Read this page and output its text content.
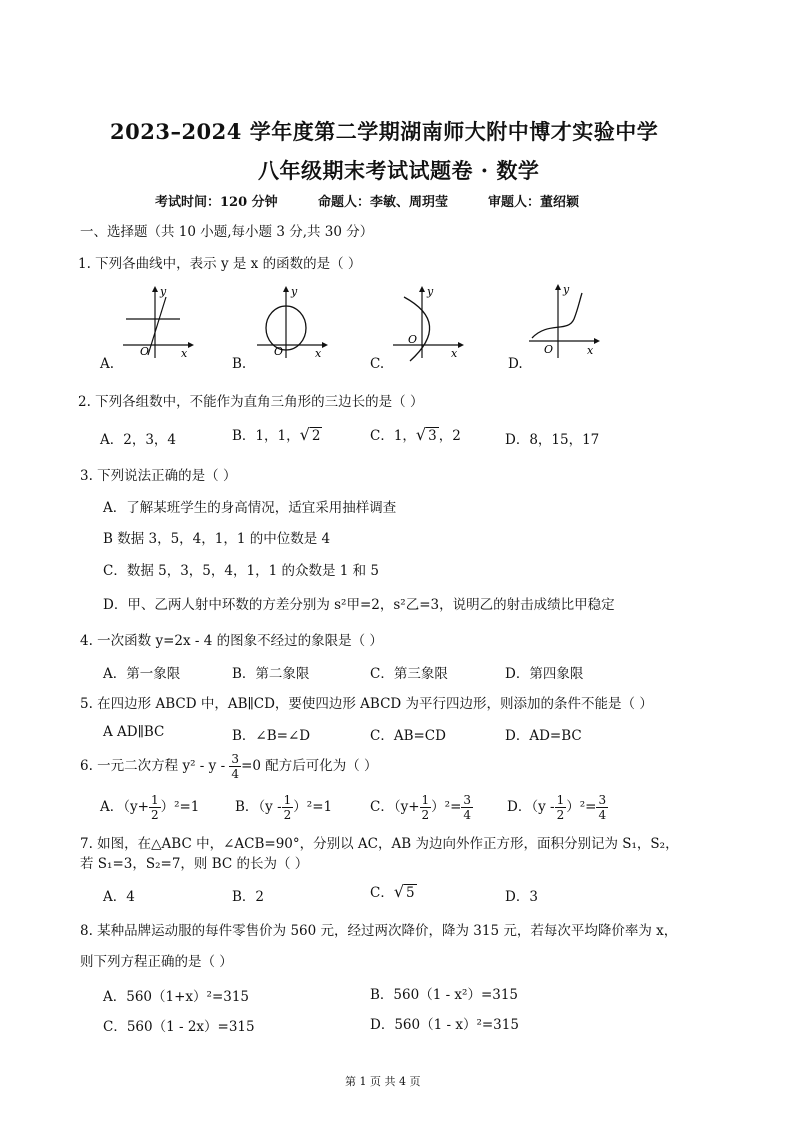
2023–2024 学年度第二学期湖南师大附中博才实验中学
八年级期末考试试题卷 · 数学
考试时间：120 分钟	命题人：李敏、周玥莹	审题人：董绍颖
一、选择题（共 10 小题,每小题 3 分,共 30 分）
1. 下列各曲线中，表示 y 是 x 的函数的是（ ）
A.	B.	C.	D.
y
x
O
y
x
O
y
x
O
y
x
O
2. 下列各组数中，不能作为直角三角形的三边长的是（ ）
A．2，3，4	B．1，1，√ 2	C．1，√ 3 ，2	D．8，15，17
3. 下列说法正确的是（ ）
A．了解某班学生的身高情况，适宜采用抽样调查
B 数据 3，5，4，1，1 的中位数是 4
C．数据 5，3，5，4，1，1 的众数是 1 和 5
D．甲、乙两人射中环数的方差分别为 s²甲=2，s²乙=3，说明乙的射击成绩比甲稳定
4. 一次函数 y=2x - 4 的图象不经过的象限是（ ）
A．第一象限	B．第二象限	C．第三象限	D．第四象限
5. 在四边形 ABCD 中，AB∥CD，要使四边形 ABCD 为平行四边形，则添加的条件不能是（ ）
A AD∥BC	B．∠B=∠D	C．AB=CD	D．AD=BC
6. 一元二次方程 $y^2 - y - \frac{3}{4} =0$ 配方后可化为（ ）
A．$(y+ \frac{1}{2} )^2=1$	B．$(y - \frac{1}{2} )^2=1$	C．$(y+ \frac{1}{2} )^2= \frac{3}{4}$	D．$(y - \frac{1}{2} )^2= \frac{3}{4}$
7. 如图，在△ABC 中，∠ACB=90°，分别以 AC，AB 为边向外作正方形，面积分别记为 S₁，S₂，
若 S₁=3，S₂=7，则 BC 的长为（ ）
A．4	B．2	C．√ 5	D．3
8. 某种品牌运动服的每件零售价为 560 元，经过两次降价，降为 315 元，若每次平均降价率为 x，
则下列方程正确的是（ ）
A．560（1+x）²=315	B．560（1 - x²）=315
C．560（1 - 2x）=315	D．560（1 - x）²=315
第 1 页 共 4 页
